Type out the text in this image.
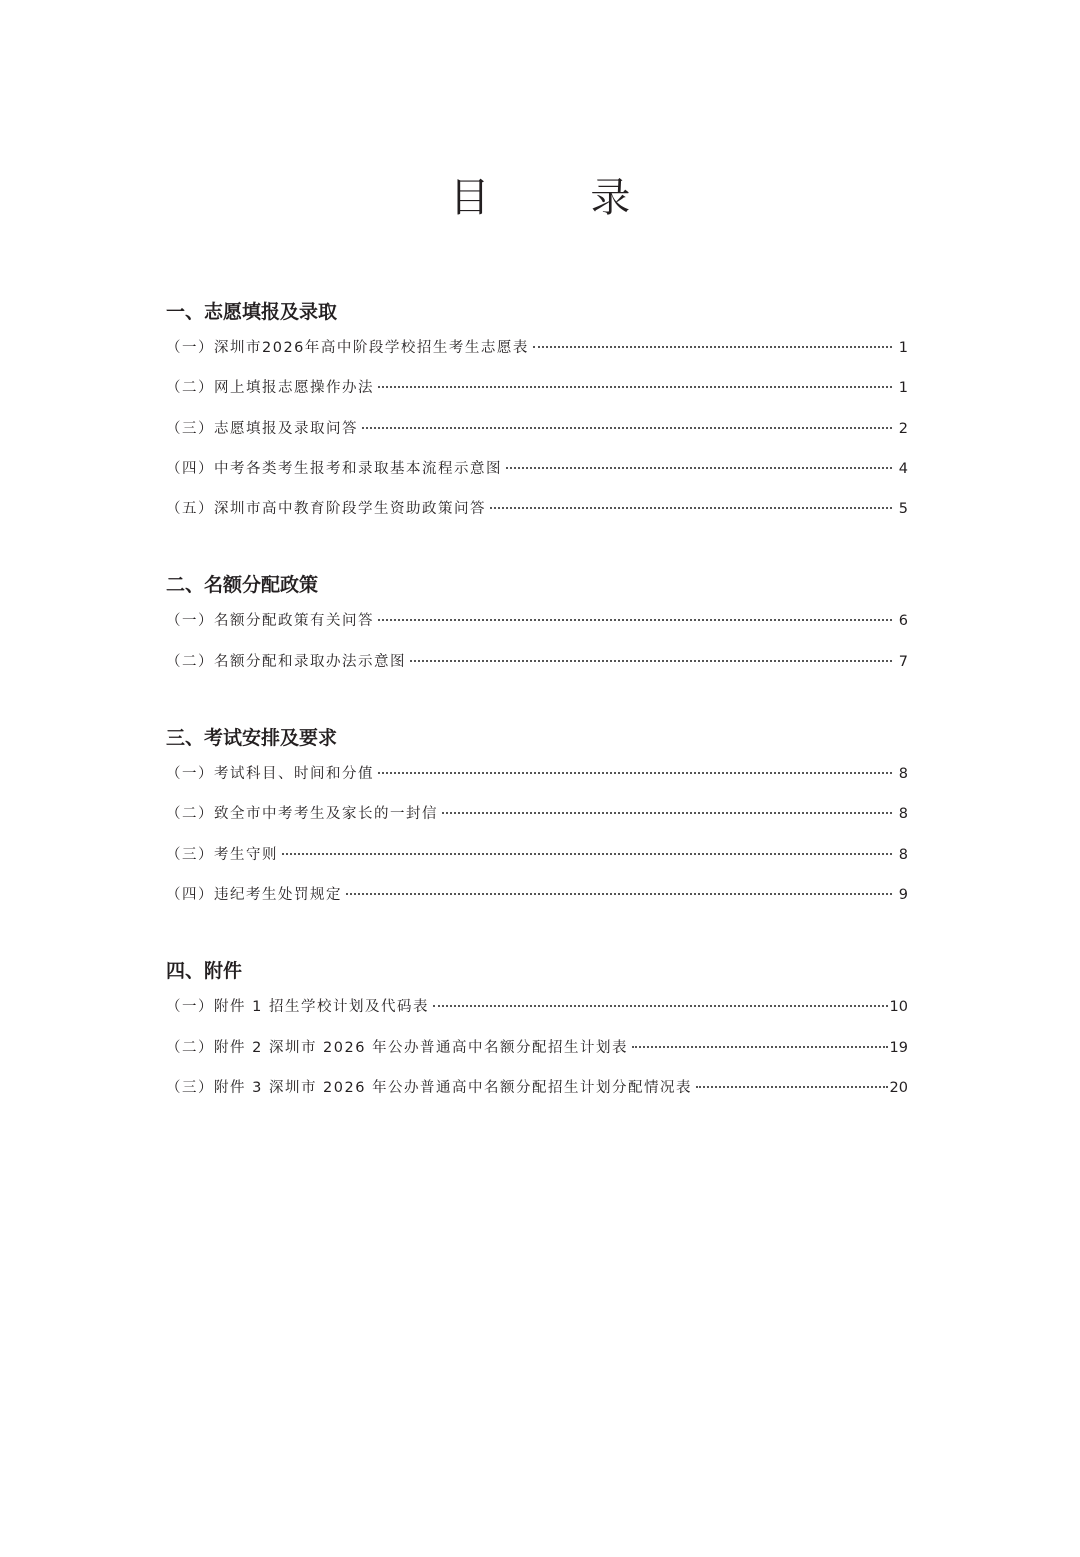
目 录
一、志愿填报及录取
（一）深圳市2026年高中阶段学校招生考生志愿表	1
（二）网上填报志愿操作办法	1
（三）志愿填报及录取问答	2
（四）中考各类考生报考和录取基本流程示意图	4
（五）深圳市高中教育阶段学生资助政策问答	5
二、名额分配政策
（一）名额分配政策有关问答	6
（二）名额分配和录取办法示意图	7
三、考试安排及要求
（一）考试科目、时间和分值	8
（二）致全市中考考生及家长的一封信	8
（三）考生守则	8
（四）违纪考生处罚规定	9
四、附件
（一）附件 1 招生学校计划及代码表	10
（二）附件 2 深圳市 2026 年公办普通高中名额分配招生计划表	19
（三）附件 3 深圳市 2026 年公办普通高中名额分配招生计划分配情况表	20
